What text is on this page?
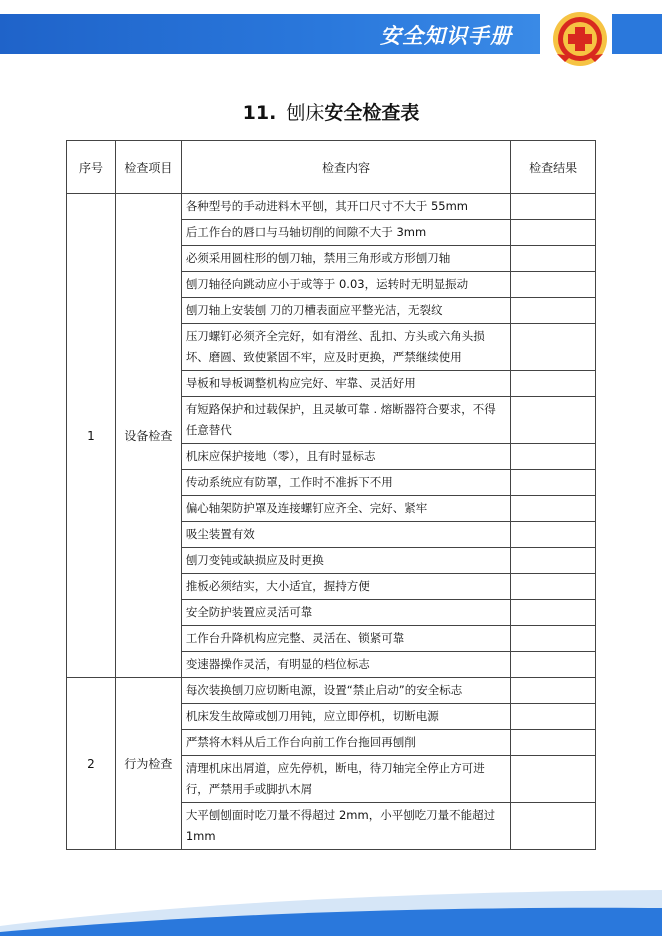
安全知识手册
11. 刨床安全检查表
序号	检查项目	检查内容	检查结果
1	设备检查	各种型号的手动进料木平刨，其开口尺寸不大于 55mm	
		后工作台的唇口与马轴切削的间隙不大于 3mm	
		必须采用圆柱形的刨刀轴，禁用三角形或方形刨刀轴	
		刨刀轴径向跳动应小于或等于 0.03，运转时无明显振动	
		刨刀轴上安装刨 刀的刀槽表面应平整光洁，无裂纹	
		压刀螺钉必须齐全完好，如有滑丝、乱扣、方头或六角头损坏、磨圆、致使紧固不牢，应及时更换，严禁继续使用	
		导板和导板调整机构应完好、牢靠、灵活好用	
		有短路保护和过载保护，且灵敏可靠 . 熔断器符合要求，不得任意替代	
		机床应保护接地（零），且有时显标志	
		传动系统应有防罩，工作时不准拆下不用	
		偏心轴架防护罩及连接螺钉应齐全、完好、紧牢	
		吸尘装置有效	
		刨刀变钝或缺损应及时更换	
		推板必须结实，大小适宜，握持方便	
		安全防护装置应灵活可靠	
		工作台升降机构应完整、灵活在、锁紧可靠	
		变速器操作灵活，有明显的档位标志	
2	行为检查	每次装换刨刀应切断电源，设置“禁止启动”的安全标志	
		机床发生故障或刨刀用钝，应立即停机，切断电源	
		严禁将木料从后工作台向前工作台拖回再刨削	
		清理机床出屑道，应先停机，断电，待刀轴完全停止方可进行，严禁用手或脚扒木屑	
		大平刨刨面时吃刀量不得超过 2mm，小平刨吃刀量不能超过 1mm	
